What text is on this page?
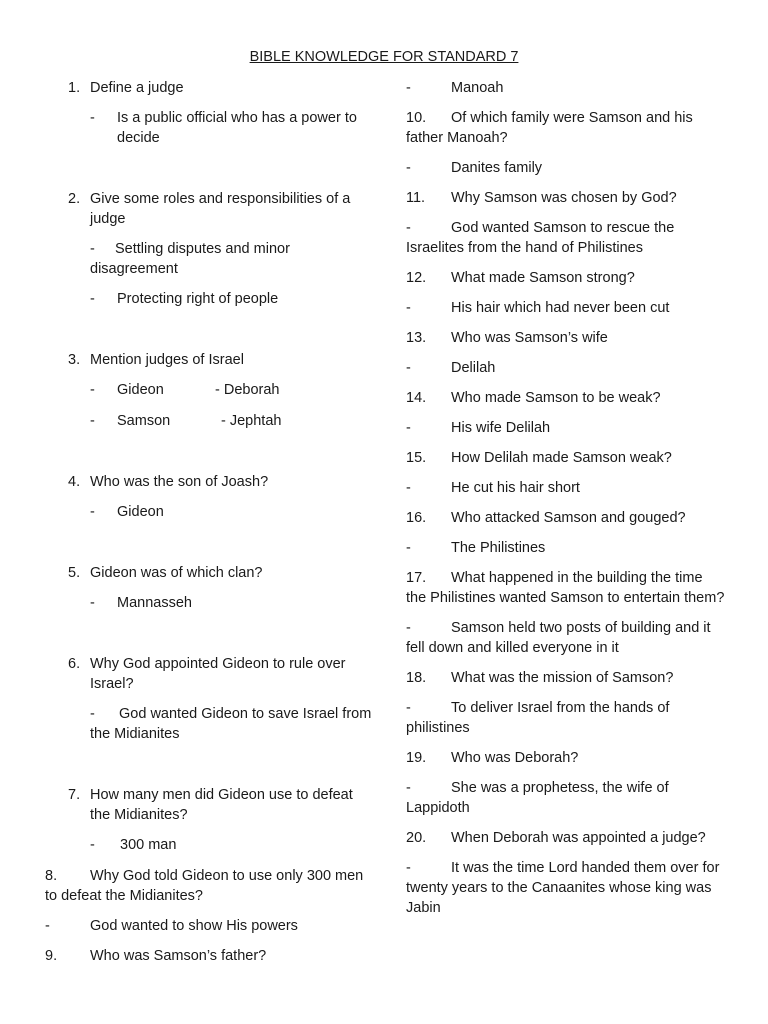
BIBLE KNOWLEDGE FOR STANDARD 7
1. Define a judge
- Is a public official who has a power to decide
2. Give some roles and responsibilities of a judge
- Settling disputes and minor disagreement
- Protecting right of people
3. Mention judges of Israel
- Gideon	- Deborah
- Samson	- Jephtah
4. Who was the son of Joash?
- Gideon
5. Gideon was of which clan?
- Mannasseh
6. Why God appointed Gideon to rule over Israel?
- God wanted Gideon to save Israel from the Midianites
7. How many men did Gideon use to defeat the Midianites?
- 300 man
8. Why God told Gideon to use only 300 men to defeat the Midianites?
-	God wanted to show His powers
9. Who was Samson’s father?
-	Manoah
10. Of which family were Samson and his father Manoah?
-	Danites family
11. Why Samson was chosen by God?
-	God wanted Samson to rescue the Israelites from the hand of Philistines
12. What made Samson strong?
-	His hair which had never been cut
13. Who was Samson’s wife
-	Delilah
14. Who made Samson to be weak?
-	His wife Delilah
15. How Delilah made Samson weak?
-	He cut his hair short
16. Who attacked Samson and gouged?
-	The Philistines
17. What happened in the building the time the Philistines wanted Samson to entertain them?
-	Samson held two posts of building and it fell down and killed everyone in it
18. What was the mission of Samson?
-	To deliver Israel from the hands of philistines
19. Who was Deborah?
-	She was a prophetess, the wife of Lappidoth
20. When Deborah was appointed a judge?
-	It was the time Lord handed them over for twenty years to the Canaanites whose king was Jabin
